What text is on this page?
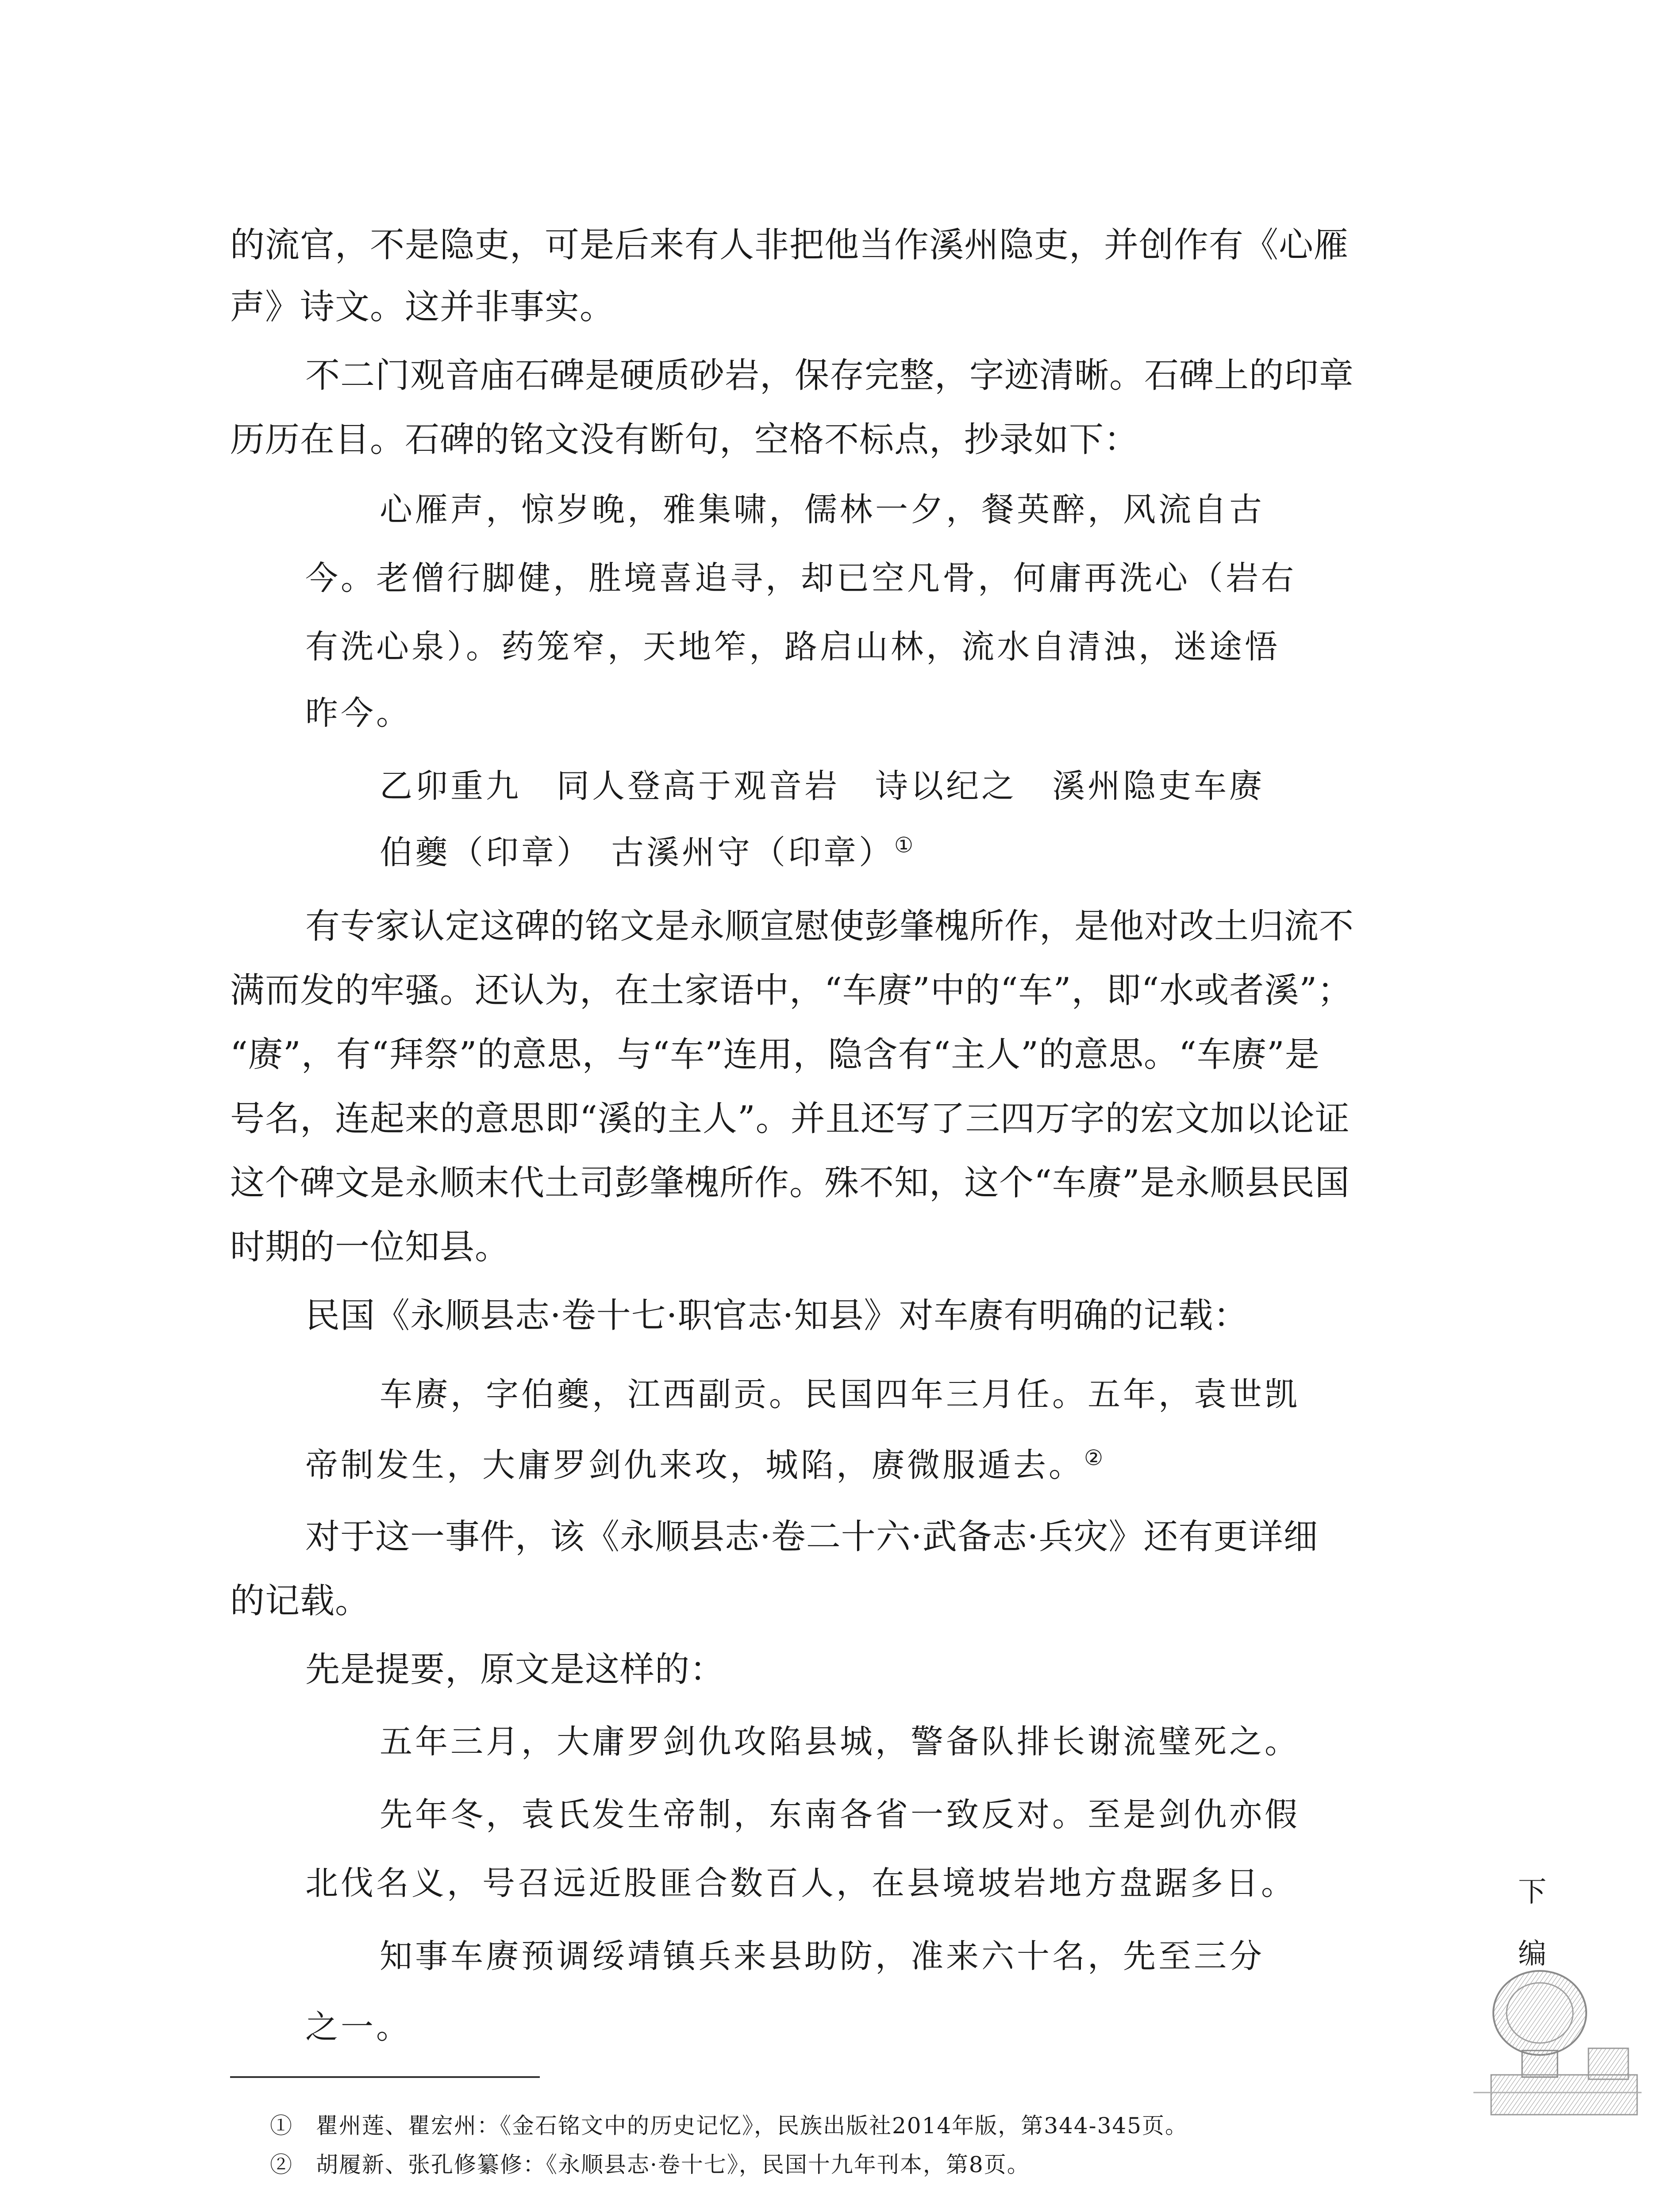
的流官，不是隐吏，可是后来有人非把他当作溪州隐吏，并创作有《心雁
声》诗文。这并非事实。
不二门观音庙石碑是硬质砂岩，保存完整，字迹清晰。石碑上的印章
历历在目。石碑的铭文没有断句，空格不标点，抄录如下：
心雁声，惊岁晚，雅集啸，儒林一夕，餐英醉，风流自古
今。老僧行脚健，胜境喜追寻，却已空凡骨，何庸再洗心（岩右
有洗心泉）。药笼窄，天地笮，路启山林，流水自清浊，迷途悟
昨今。
乙卯重九　同人登高于观音岩　诗以纪之　溪州隐吏车赓
伯夔（印章）　古溪州守（印章）①
有专家认定这碑的铭文是永顺宣慰使彭肇槐所作，是他对改土归流不
满而发的牢骚。还认为，在土家语中，“车赓”中的“车”，即“水或者溪”；
“赓”，有“拜祭”的意思，与“车”连用，隐含有“主人”的意思。“车赓”是
号名，连起来的意思即“溪的主人”。并且还写了三四万字的宏文加以论证
这个碑文是永顺末代土司彭肇槐所作。殊不知，这个“车赓”是永顺县民国
时期的一位知县。
民国《永顺县志·卷十七·职官志·知县》对车赓有明确的记载：
车赓，字伯夔，江西副贡。民国四年三月任。五年，袁世凯
帝制发生，大庸罗剑仇来攻，城陷，赓微服遁去。②
对于这一事件，该《永顺县志·卷二十六·武备志·兵灾》还有更详细
的记载。
先是提要，原文是这样的：
五年三月，大庸罗剑仇攻陷县城，警备队排长谢流璧死之。
先年冬，袁氏发生帝制，东南各省一致反对。至是剑仇亦假
北伐名义，号召远近股匪合数百人，在县境坡岩地方盘踞多日。
知事车赓预调绥靖镇兵来县助防，准来六十名，先至三分
之一。
①　瞿州莲、瞿宏州：《金石铭文中的历史记忆》，民族出版社2014年版，第344-345页。
②　胡履新、张孔修纂修：《永顺县志·卷十七》，民国十九年刊本，第8页。
下
编
